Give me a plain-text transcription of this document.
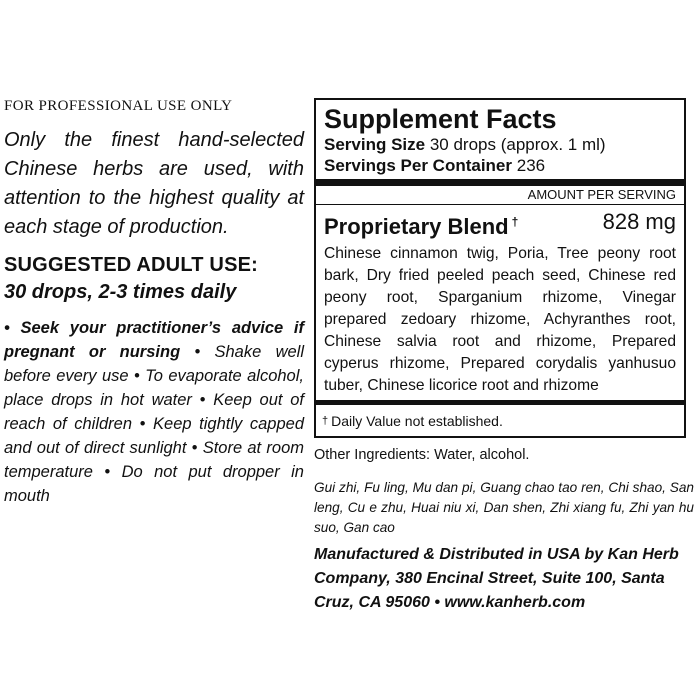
FOR PROFESSIONAL USE ONLY

Only the finest hand-selected Chinese herbs are used, with attention to the highest quality at each stage of production.

SUGGESTED ADULT USE:

30 drops, 2-3 times daily

• Seek your practitioner’s advice if pregnant or nursing • Shake well before every use • To evaporate alcohol, place drops in hot water • Keep out of reach of children • Keep tightly capped and out of direct sunlight • Store at room temperature • Do not put dropper in mouth

Supplement Facts
Serving Size 30 drops (approx. 1 ml)
Servings Per Container 236
AMOUNT PER SERVING
Proprietary Blend †	828 mg
Chinese cinnamon twig, Poria, Tree peony root bark, Dry fried peeled peach seed, Chinese red peony root, Sparganium rhizome, Vinegar prepared zedoary rhizome, Achyranthes root, Chinese salvia root and rhizome, Prepared cyperus rhizome, Prepared corydalis yanhusuo tuber, Chinese licorice root and rhizome
† Daily Value not established.
Other Ingredients: Water, alcohol.
Gui zhi, Fu ling, Mu dan pi, Guang chao tao ren, Chi shao, San leng, Cu e zhu, Huai niu xi, Dan shen, Zhi xiang fu, Zhi yan hu suo, Gan cao
Manufactured & Distributed in USA by Kan Herb Company, 380 Encinal Street, Suite 100, Santa Cruz, CA 95060 • www.kanherb.com
